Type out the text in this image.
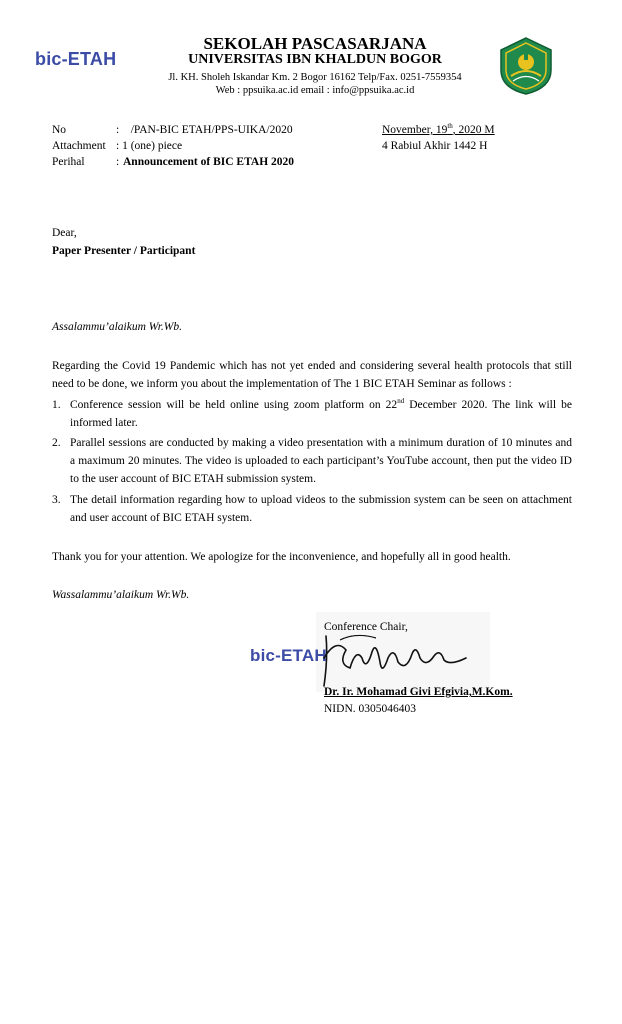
bic-ETAH
SEKOLAH PASCASARJANA
UNIVERSITAS IBN KHALDUN BOGOR
Jl. KH. Sholeh Iskandar Km. 2 Bogor 16162 Telp/Fax. 0251-7559354
Web : ppsuika.ac.id email : info@ppsuika.ac.id
No	:    /PAN-BIC ETAH/PPS-UIKA/2020
Attachment : 1 (one) piece
Perihal	: Announcement of BIC ETAH 2020
November, 19th, 2020 M
4 Rabiul Akhir 1442 H
Dear,
Paper Presenter / Participant
Assalammu’alaikum Wr.Wb.
Regarding the Covid 19 Pandemic which has not yet ended and considering several health protocols that still need to be done, we inform you about the implementation of The 1 BIC ETAH Seminar as follows :
1. Conference session will be held online using zoom platform on 22nd December 2020. The link will be informed later.
2. Parallel sessions are conducted by making a video presentation with a minimum duration of 10 minutes and a maximum 20 minutes. The video is uploaded to each participant’s YouTube account, then put the video ID to the user account of BIC ETAH submission system.
3. The detail information regarding how to upload videos to the submission system can be seen on attachment and user account of BIC ETAH system.
Thank you for your attention. We apologize for the inconvenience, and hopefully all in good health.
Wassalammu’alaikum Wr.Wb.
Conference Chair,
bic-ETAH
Dr. Ir. Mohamad Givi Efgivia,M.Kom.
NIDN. 0305046403
